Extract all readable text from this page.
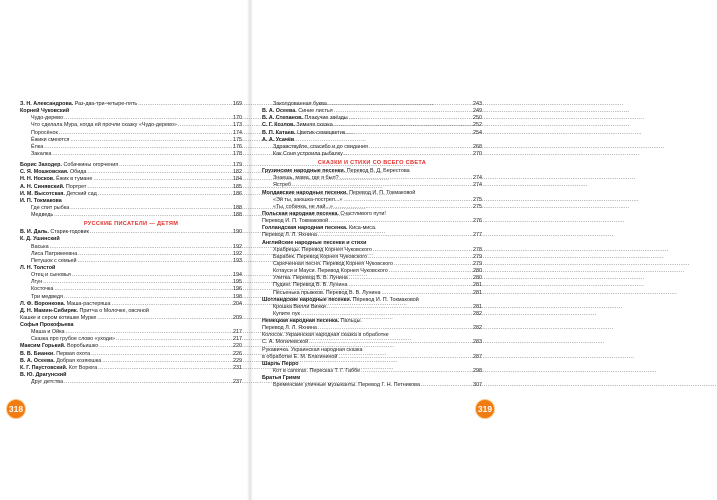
З. Н. Александрова. Раз-два-три-четыре-пять .....	169
Корней Чуковский
Чудо-дерево .....	170
Что сделала Мура, когда ей прочли сказку «Чудо-дерево» .....	173
Поросёнок .....	174
Ёжики смеются .....	175
Ёлка .....	176
Закалка .....	178
Борис Заходер. Собачкины огорчения .....	179
С. Я. Мошковская. Обида .....	182
Н. Н. Носков. Ёжик в тумане .....	184
А. Н. Синявский. Портрет .....	185
И. М. Высотская. Детский сад .....	186
И. П. Токмакова
Где спит рыбка .....	188
Медведь .....	188
РУССКИЕ ПИСАТЕЛИ — ДЕТЯМ
В. И. Даль. Старик-годовик .....	190
К. Д. Ушинский
Васька .....	192
Лиса Патрикеевна .....	192
Петушок с семьей .....	193
Л. Н. Толстой
Отец и сыновья .....	194
Лгун .....	195
Косточка .....	196
Три медведя .....	198
Л. Ф. Воронкова. Маша-растеряша .....	204
Д. Н. Мамин-Сибиряк. Притча о Молочке, овсяной
Кашке и сером котишке Мурке .....	209
Софья Прокофьева
Маша и Ойка .....	217
Сказка про грубое слово «уходи» .....	217
Максим Горький. Воробьишко .....	220
В. В. Бианки. Первая охота .....	226
В. А. Осеева. Добрая хозяюшка .....	229
К. Г. Паустовский. Кот Ворюга .....	231
В. Ю. Драгунский
Друг детства .....	237
Заколдованная буква .....	243
В. А. Осеева. Синие листья .....	249
В. А. Степанов. Плакучие звёзды .....	250
С. Г. Козлов. Зимняя сказка .....	252
В. П. Катаев. Цветик-семицветик .....	254
А. А. Усачёв
Здравствуйте, спасибо и до свидания .....	268
Как Соня устроила рыбалку .....	270
СКАЗКИ И СТИХИ СО ВСЕГО СВЕТА
Грузинские народные песенки. Перевод В. Д. Берестова
Знаешь, мама, где я был? .....	274
Ястреб .....	274
Молдавские народные песенки. Перевод И. П. Токмаковой
«Эй ты, заюшка-пострел...» .....	275
«Ты, собачка, не лай...» .....	275
Польская народная песенка. Счастливого пути!
Перевод И. П. Токмаковой .....	276
Голландская народная песенка. Киса-миса.
Перевод Л. Л. Яхнина .....	277
Английские народные песенки и стихи
Храбрецы. Перевод Корнея Чуковского .....	278
Барабек. Перевод Корнея Чуковского .....	279
Скрюченная песня. Перевод Корнея Чуковского .....	279
Котауси и Мауси. Перевод Корнея Чуковского .....	280
Улитка. Перевод В. В. Лунина .....	280
Пудинг. Перевод В. В. Лунина .....	281
Пёсьенька прыжков. Перевод В. В. Лунина .....	281
Шотландские народные песенки. Перевод И. П. Токмаковой
Крошка Вилли Винки .....	281
Купите лук .....	282
Немецкая народная песенка. Пальцы.
Перевод Л. Л. Яхнина .....	282
Колосок. Украинская народная сказка в обработке
С. А. Могилевской .....	283
Рукавичка. Украинская народная сказка
в обработке Е. М. Благининой .....	287
Шарль Перро
Кот в сапогах. Пересказ Т. Г. Габбе .....	298
Братья Гримм
Бременские уличные музыканты. Перевод Г. Н. Петникова .....	307
318	319
